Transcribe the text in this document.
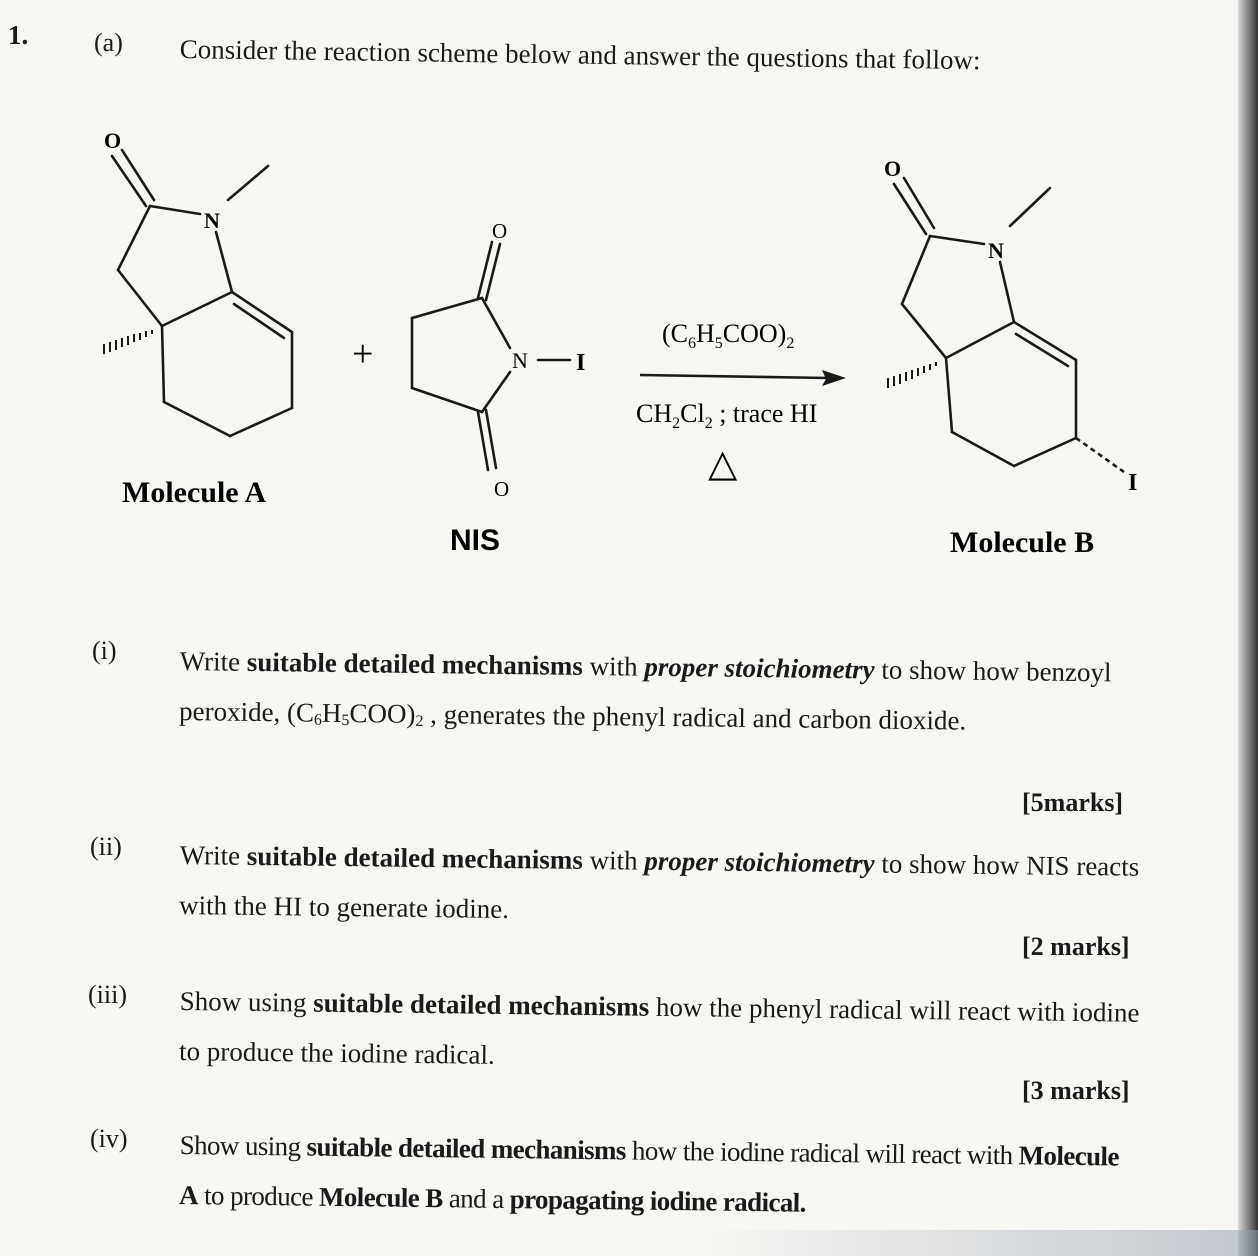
1.	(a) Consider the reaction scheme below and answer the questions that follow:
O
N
Molecule A
+
O
O
N I
NIS
$(C_6H_5COO)_2$
$CH_2Cl_2$ ; trace HI
△
O
N
I
Molecule B
(i) Write suitable detailed mechanisms with proper stoichiometry to show how benzoyl
peroxide, (C6H5COO)2 , generates the phenyl radical and carbon dioxide.
[5marks]
(ii) Write suitable detailed mechanisms with proper stoichiometry to show how NIS reacts
with the HI to generate iodine.
[2 marks]
(iii) Show using suitable detailed mechanisms how the phenyl radical will react with iodine
to produce the iodine radical.
[3 marks]
(iv) Show using suitable detailed mechanisms how the iodine radical will react with Molecule
A to produce Molecule B and a propagating iodine radical.
